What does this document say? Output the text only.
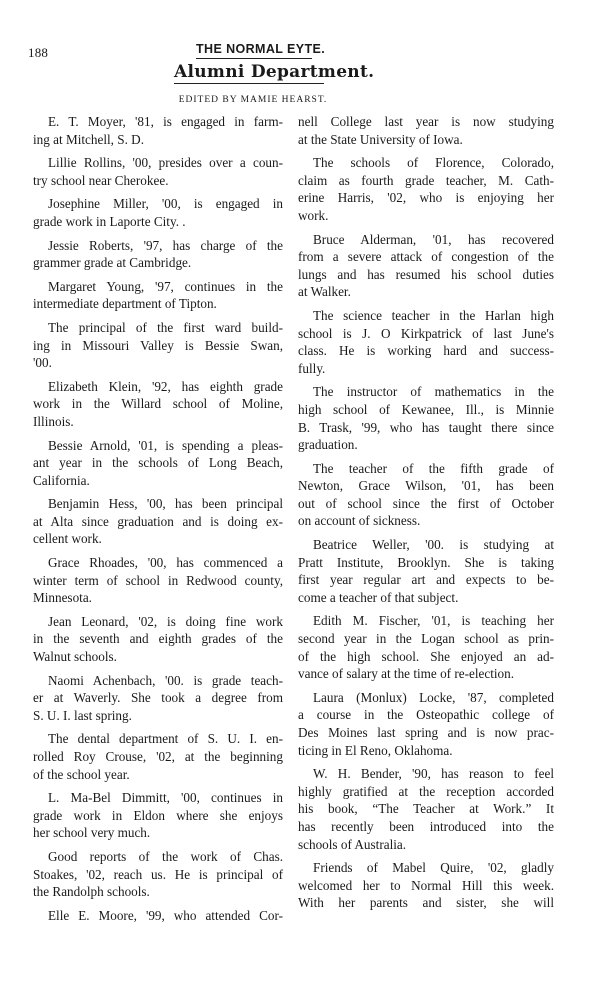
188	THE NORMAL EYTE.
Alumni Department.
EDITED BY MAMIE HEARST.
E. T. Moyer, '81, is engaged in farm-
ing at Mitchell, S. D.
Lillie Rollins, '00, presides over a coun-
try school near Cherokee.
Josephine Miller, '00, is engaged in
grade work in Laporte City. .
Jessie Roberts, '97, has charge of the
grammer grade at Cambridge.
Margaret Young, '97, continues in the
intermediate department of Tipton.
The principal of the first ward build-
ing in Missouri Valley is Bessie Swan,
'00.
Elizabeth Klein, '92, has eighth grade
work in the Willard school of Moline,
Illinois.
Bessie Arnold, '01, is spending a pleas-
ant year in the schools of Long Beach,
California.
Benjamin Hess, '00, has been principal
at Alta since graduation and is doing ex-
cellent work.
Grace Rhoades, '00, has commenced a
winter term of school in Redwood county,
Minnesota.
Jean Leonard, '02, is doing fine work
in the seventh and eighth grades of the
Walnut schools.
Naomi Achenbach, '00. is grade teach-
er at Waverly. She took a degree from
S. U. I. last spring.
The dental department of S. U. I. en-
rolled Roy Crouse, '02, at the beginning
of the school year.
L. Ma-Bel Dimmitt, '00, continues in
grade work in Eldon where she enjoys
her school very much.
Good reports of the work of Chas.
Stoakes, '02, reach us. He is principal of
the Randolph schools.
Elle E. Moore, '99, who attended Cor-
nell College last year is now studying
at the State University of Iowa.
The schools of Florence, Colorado,
claim as fourth grade teacher, M. Cath-
erine Harris, '02, who is enjoying her
work.
Bruce Alderman, '01, has recovered
from a severe attack of congestion of the
lungs and has resumed his school duties
at Walker.
The science teacher in the Harlan high
school is J. O Kirkpatrick of last June's
class. He is working hard and success-
fully.
The instructor of mathematics in the
high school of Kewanee, Ill., is Minnie
B. Trask, '99, who has taught there since
graduation.
The teacher of the fifth grade of
Newton, Grace Wilson, '01, has been
out of school since the first of October
on account of sickness.
Beatrice Weller, '00. is studying at
Pratt Institute, Brooklyn. She is taking
first year regular art and expects to be-
come a teacher of that subject.
Edith M. Fischer, '01, is teaching her
second year in the Logan school as prin-
of the high school. She enjoyed an ad-
vance of salary at the time of re-election.
Laura (Monlux) Locke, '87, completed
a course in the Osteopathic college of
Des Moines last spring and is now prac-
ticing in El Reno, Oklahoma.
W. H. Bender, '90, has reason to feel
highly gratified at the reception accorded
his book, “The Teacher at Work.” It
has recently been introduced into the
schools of Australia.
Friends of Mabel Quire, '02, gladly
welcomed her to Normal Hill this week.
With her parents and sister, she will
